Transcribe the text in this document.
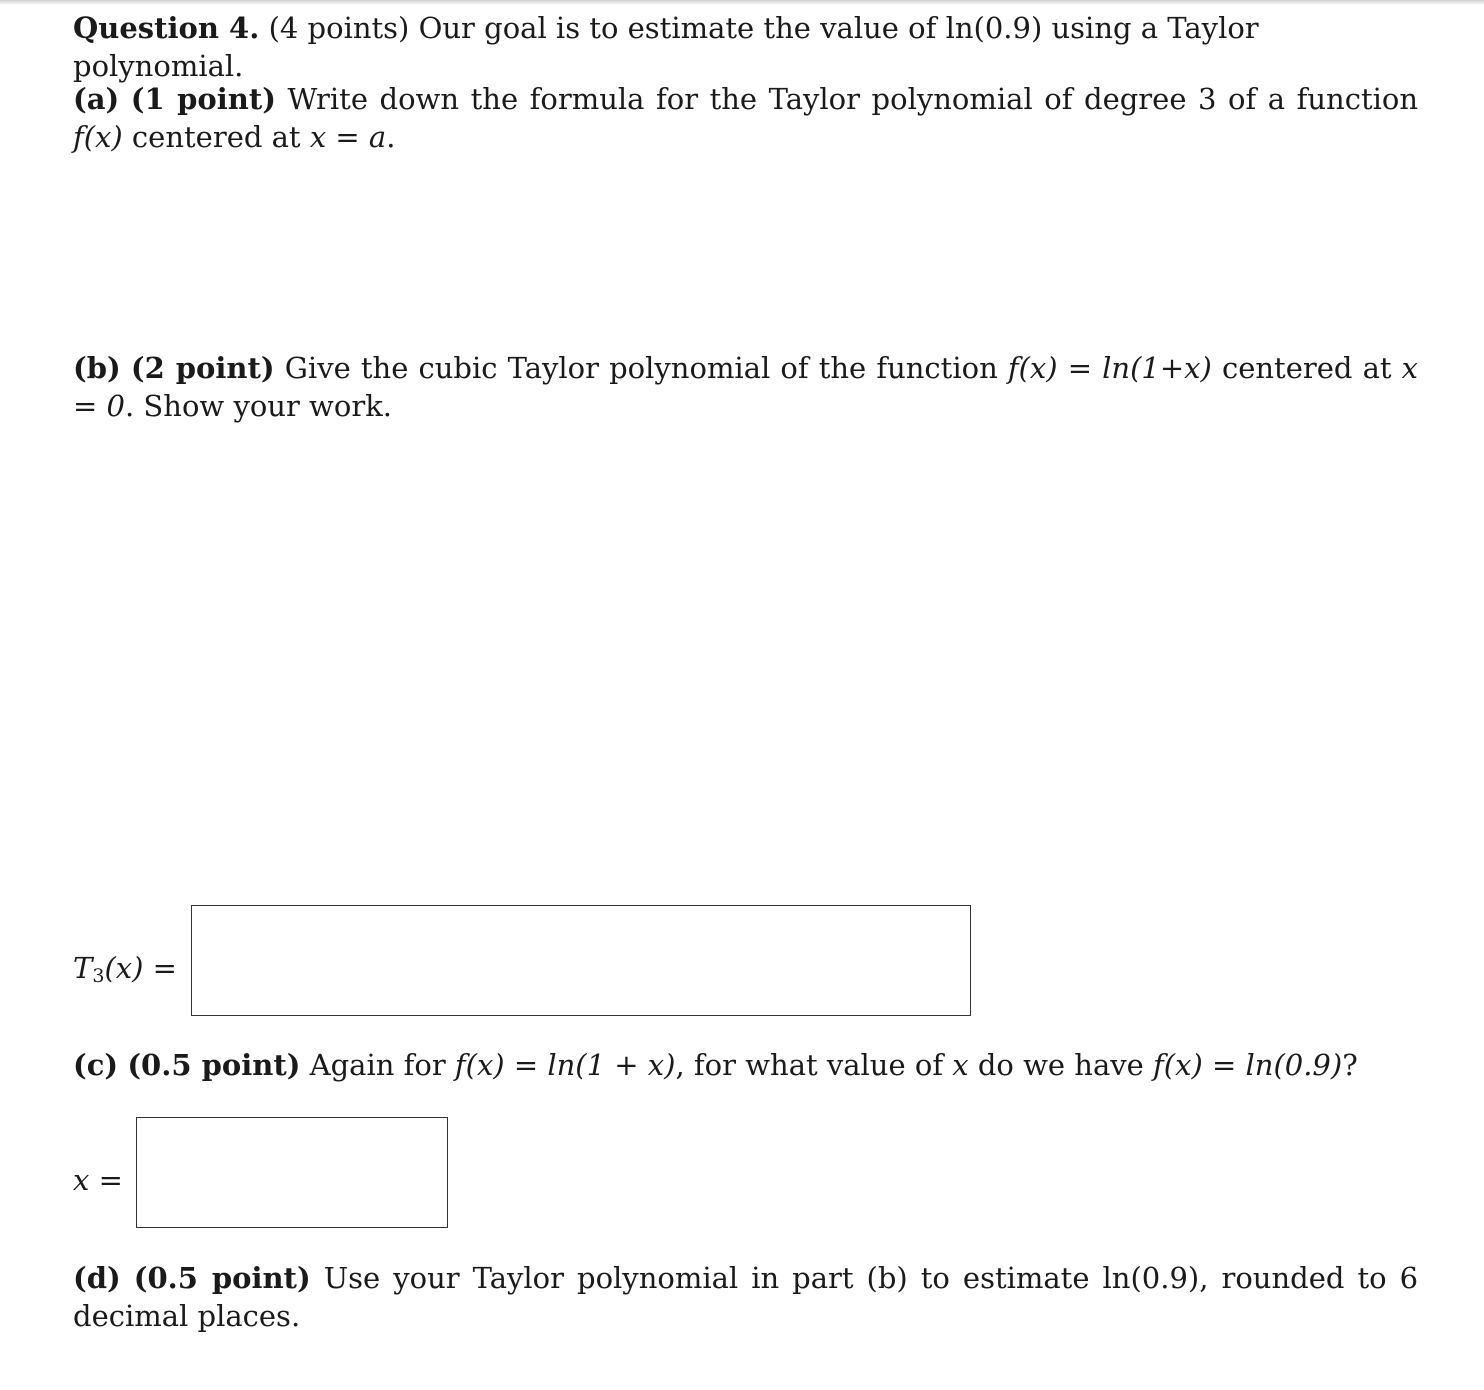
Question 4. (4 points) Our goal is to estimate the value of ln(0.9) using a Taylor polynomial.
(a) (1 point) Write down the formula for the Taylor polynomial of degree 3 of a function f(x) centered at x = a.
(b) (2 point) Give the cubic Taylor polynomial of the function f(x) = ln(1+x) centered at x = 0. Show your work.
$T_3(x)$ =
(c) (0.5 point) Again for f(x) = ln(1 + x), for what value of x do we have f(x) = ln(0.9)?
x =
(d) (0.5 point) Use your Taylor polynomial in part (b) to estimate ln(0.9), rounded to 6 decimal places.
